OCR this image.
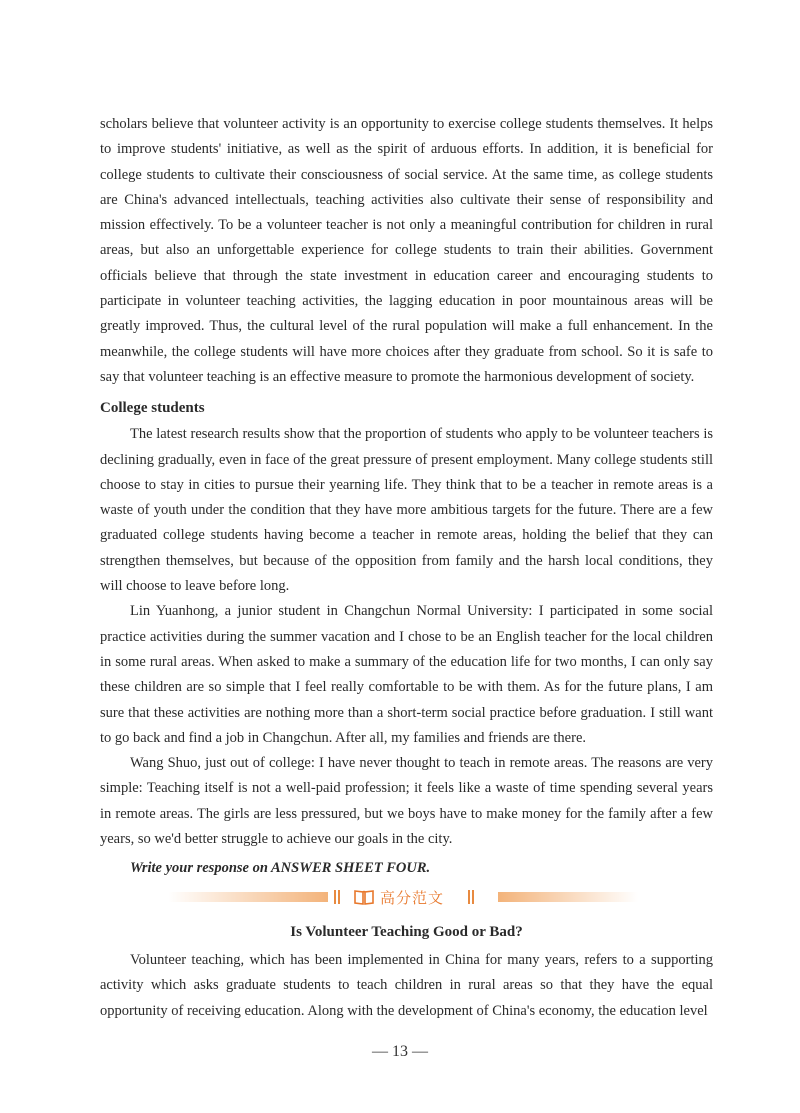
scholars believe that volunteer activity is an opportunity to exercise college students themselves. It helps to improve students' initiative, as well as the spirit of arduous efforts. In addition, it is beneficial for college students to cultivate their consciousness of social service. At the same time, as college students are China's advanced intellectuals, teaching activities also cultivate their sense of responsibility and mission effectively. To be a volunteer teacher is not only a meaningful contribution for children in rural areas, but also an unforgettable experience for college students to train their abilities. Government officials believe that through the state investment in education career and encouraging students to participate in volunteer teaching activities, the lagging education in poor mountainous areas will be greatly improved. Thus, the cultural level of the rural population will make a full enhancement. In the meanwhile, the college students will have more choices after they graduate from school. So it is safe to say that volunteer teaching is an effective measure to promote the harmonious development of society.

College students

The latest research results show that the proportion of students who apply to be volunteer teachers is declining gradually, even in face of the great pressure of present employment. Many college students still choose to stay in cities to pursue their yearning life. They think that to be a teacher in remote areas is a waste of youth under the condition that they have more ambitious targets for the future. There are a few graduated college students having become a teacher in remote areas, holding the belief that they can strengthen themselves, but because of the opposition from family and the harsh local conditions, they will choose to leave before long.

Lin Yuanhong, a junior student in Changchun Normal University: I participated in some social practice activities during the summer vacation and I chose to be an English teacher for the local children in some rural areas. When asked to make a summary of the education life for two months, I can only say these children are so simple that I feel really comfortable to be with them. As for the future plans, I am sure that these activities are nothing more than a short-term social practice before graduation. I still want to go back and find a job in Changchun. After all, my families and friends are there.

Wang Shuo, just out of college: I have never thought to teach in remote areas. The reasons are very simple: Teaching itself is not a well-paid profession; it feels like a waste of time spending several years in remote areas. The girls are less pressured, but we boys have to make money for the family after a few years, so we'd better struggle to achieve our goals in the city.

Write your response on ANSWER SHEET FOUR.

高分范文
Is Volunteer Teaching Good or Bad?

Volunteer teaching, which has been implemented in China for many years, refers to a supporting activity which asks graduate students to teach children in rural areas so that they have the equal opportunity of receiving education. Along with the development of China's economy, the education level

— 13 —
